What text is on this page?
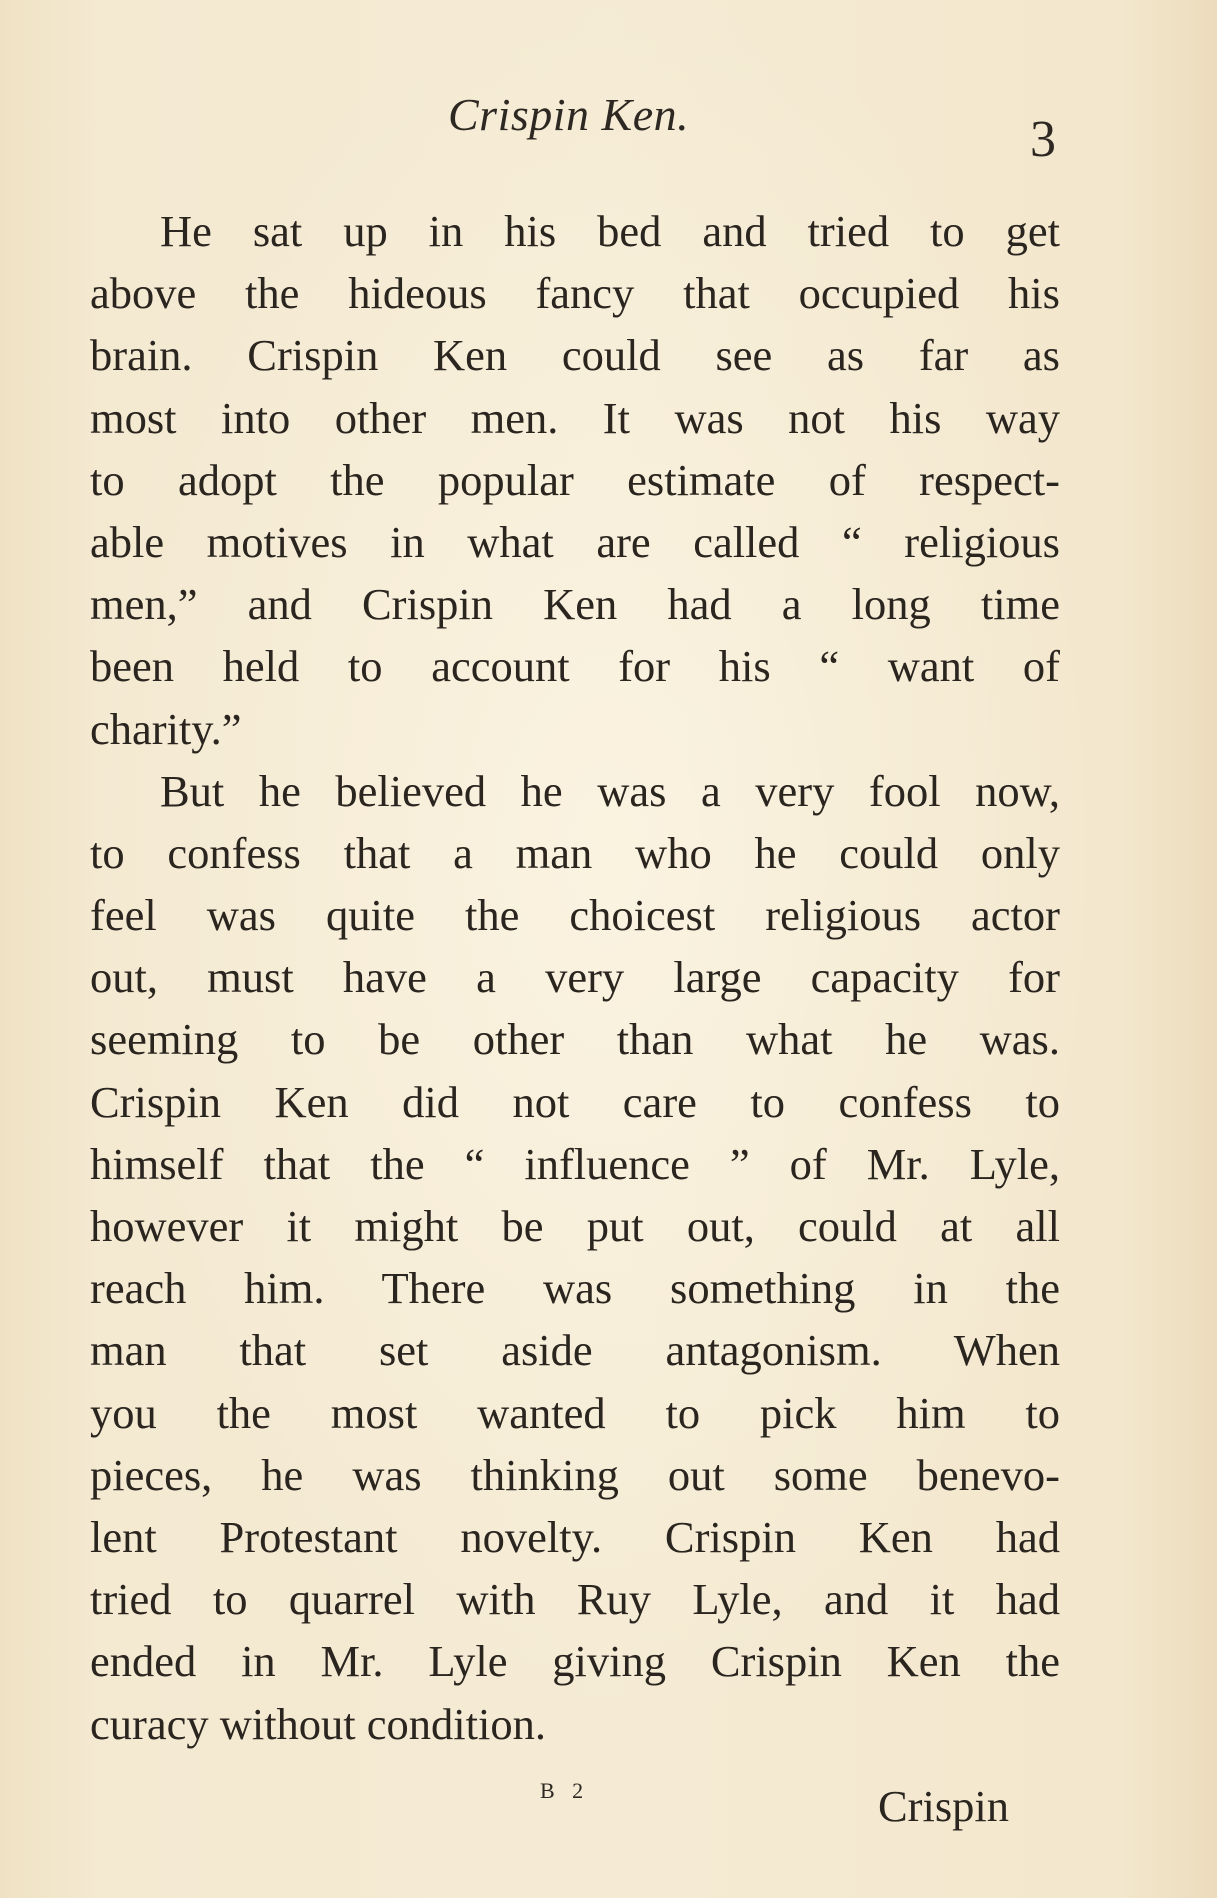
Crispin Ken.	3
He sat up in his bed and tried to get
above the hideous fancy that occupied his
brain. Crispin Ken could see as far as
most into other men. It was not his way
to adopt the popular estimate of respect-
able motives in what are called “ religious
men,” and Crispin Ken had a long time
been held to account for his “ want of
charity.”
But he believed he was a very fool now,
to confess that a man who he could only
feel was quite the choicest religious actor
out, must have a very large capacity for
seeming to be other than what he was.
Crispin Ken did not care to confess to
himself that the “ influence ” of Mr. Lyle,
however it might be put out, could at all
reach him. There was something in the
man that set aside antagonism. When
you the most wanted to pick him to
pieces, he was thinking out some benevo-
lent Protestant novelty. Crispin Ken had
tried to quarrel with Ruy Lyle, and it had
ended in Mr. Lyle giving Crispin Ken the
curacy without condition.
B 2	Crispin
